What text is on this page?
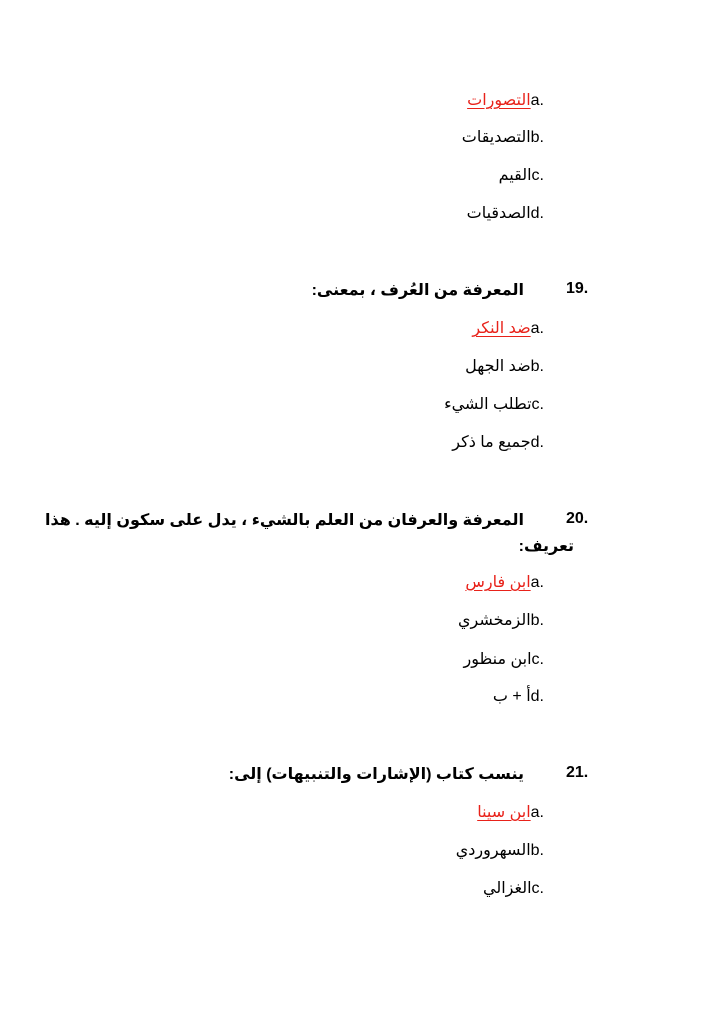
التصورات a.
التصديقات b.
القيم c.
الصدقيات d.
19.
المعرفة من العُرف ، بمعنى:
ضد النكر a.
ضد الجهل b.
تطلب الشيء c.
جميع ما ذكر d.
20.
المعرفة والعرفان من العلم بالشيء ، يدل على سكون إليه . هذا
تعريف:
ابن فارس a.
الزمخشري b.
ابن منظور c.
أ + ب d.
21.
ينسب كتاب (الإشارات والتنبيهات) إلى:
ابن سينا a.
السهروردي b.
الغزالي c.
